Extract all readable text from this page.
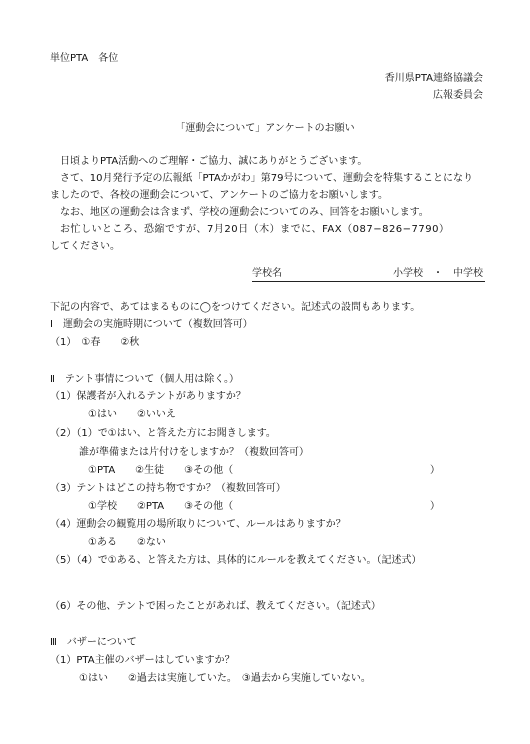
単位PTA　各位
香川県PTA連絡協議会
広報委員会
「運動会について」アンケートのお願い
日頃よりPTA活動へのご理解・ご協力、誠にありがとうございます。
さて、10月発行予定の広報紙「PTAかがわ」第79号について、運動会を特集することになり
ましたので、各校の運動会について、アンケートのご協力をお願いします。
なお、地区の運動会は含まず、学校の運動会についてのみ、回答をお願いします。
お忙しいところ、恐縮ですが、7月20日（木）までに、FAX（087−826−7790）
してください。
学校名	小学校　・　中学校
下記の内容で、あてはまるものに◯をつけてください。記述式の設問もあります。
Ⅰ　運動会の実施時期について（複数回答可）
（1）　①春　　②秋
Ⅱ　テント事情について（個人用は除く。）
（1）保護者が入れるテントがありますか？
①はい　　②いいえ
（2）（1）で①はい、と答えた方にお聞きします。
誰が準備または片付けをしますか？（複数回答可）
①PTA　　②生徒　　③その他（	）
（3）テントはどこの持ち物ですか？（複数回答可）
①学校　　②PTA　　③その他（	）
（4）運動会の観覧用の場所取りについて、ルールはありますか？
①ある　　②ない
（5）（4）で①ある、と答えた方は、具体的にルールを教えてください。（記述式）
（6）その他、テントで困ったことがあれば、教えてください。（記述式）
Ⅲ　バザーについて
（1）PTA主催のバザーはしていますか？
①はい　　②過去は実施していた。　③過去から実施していない。
